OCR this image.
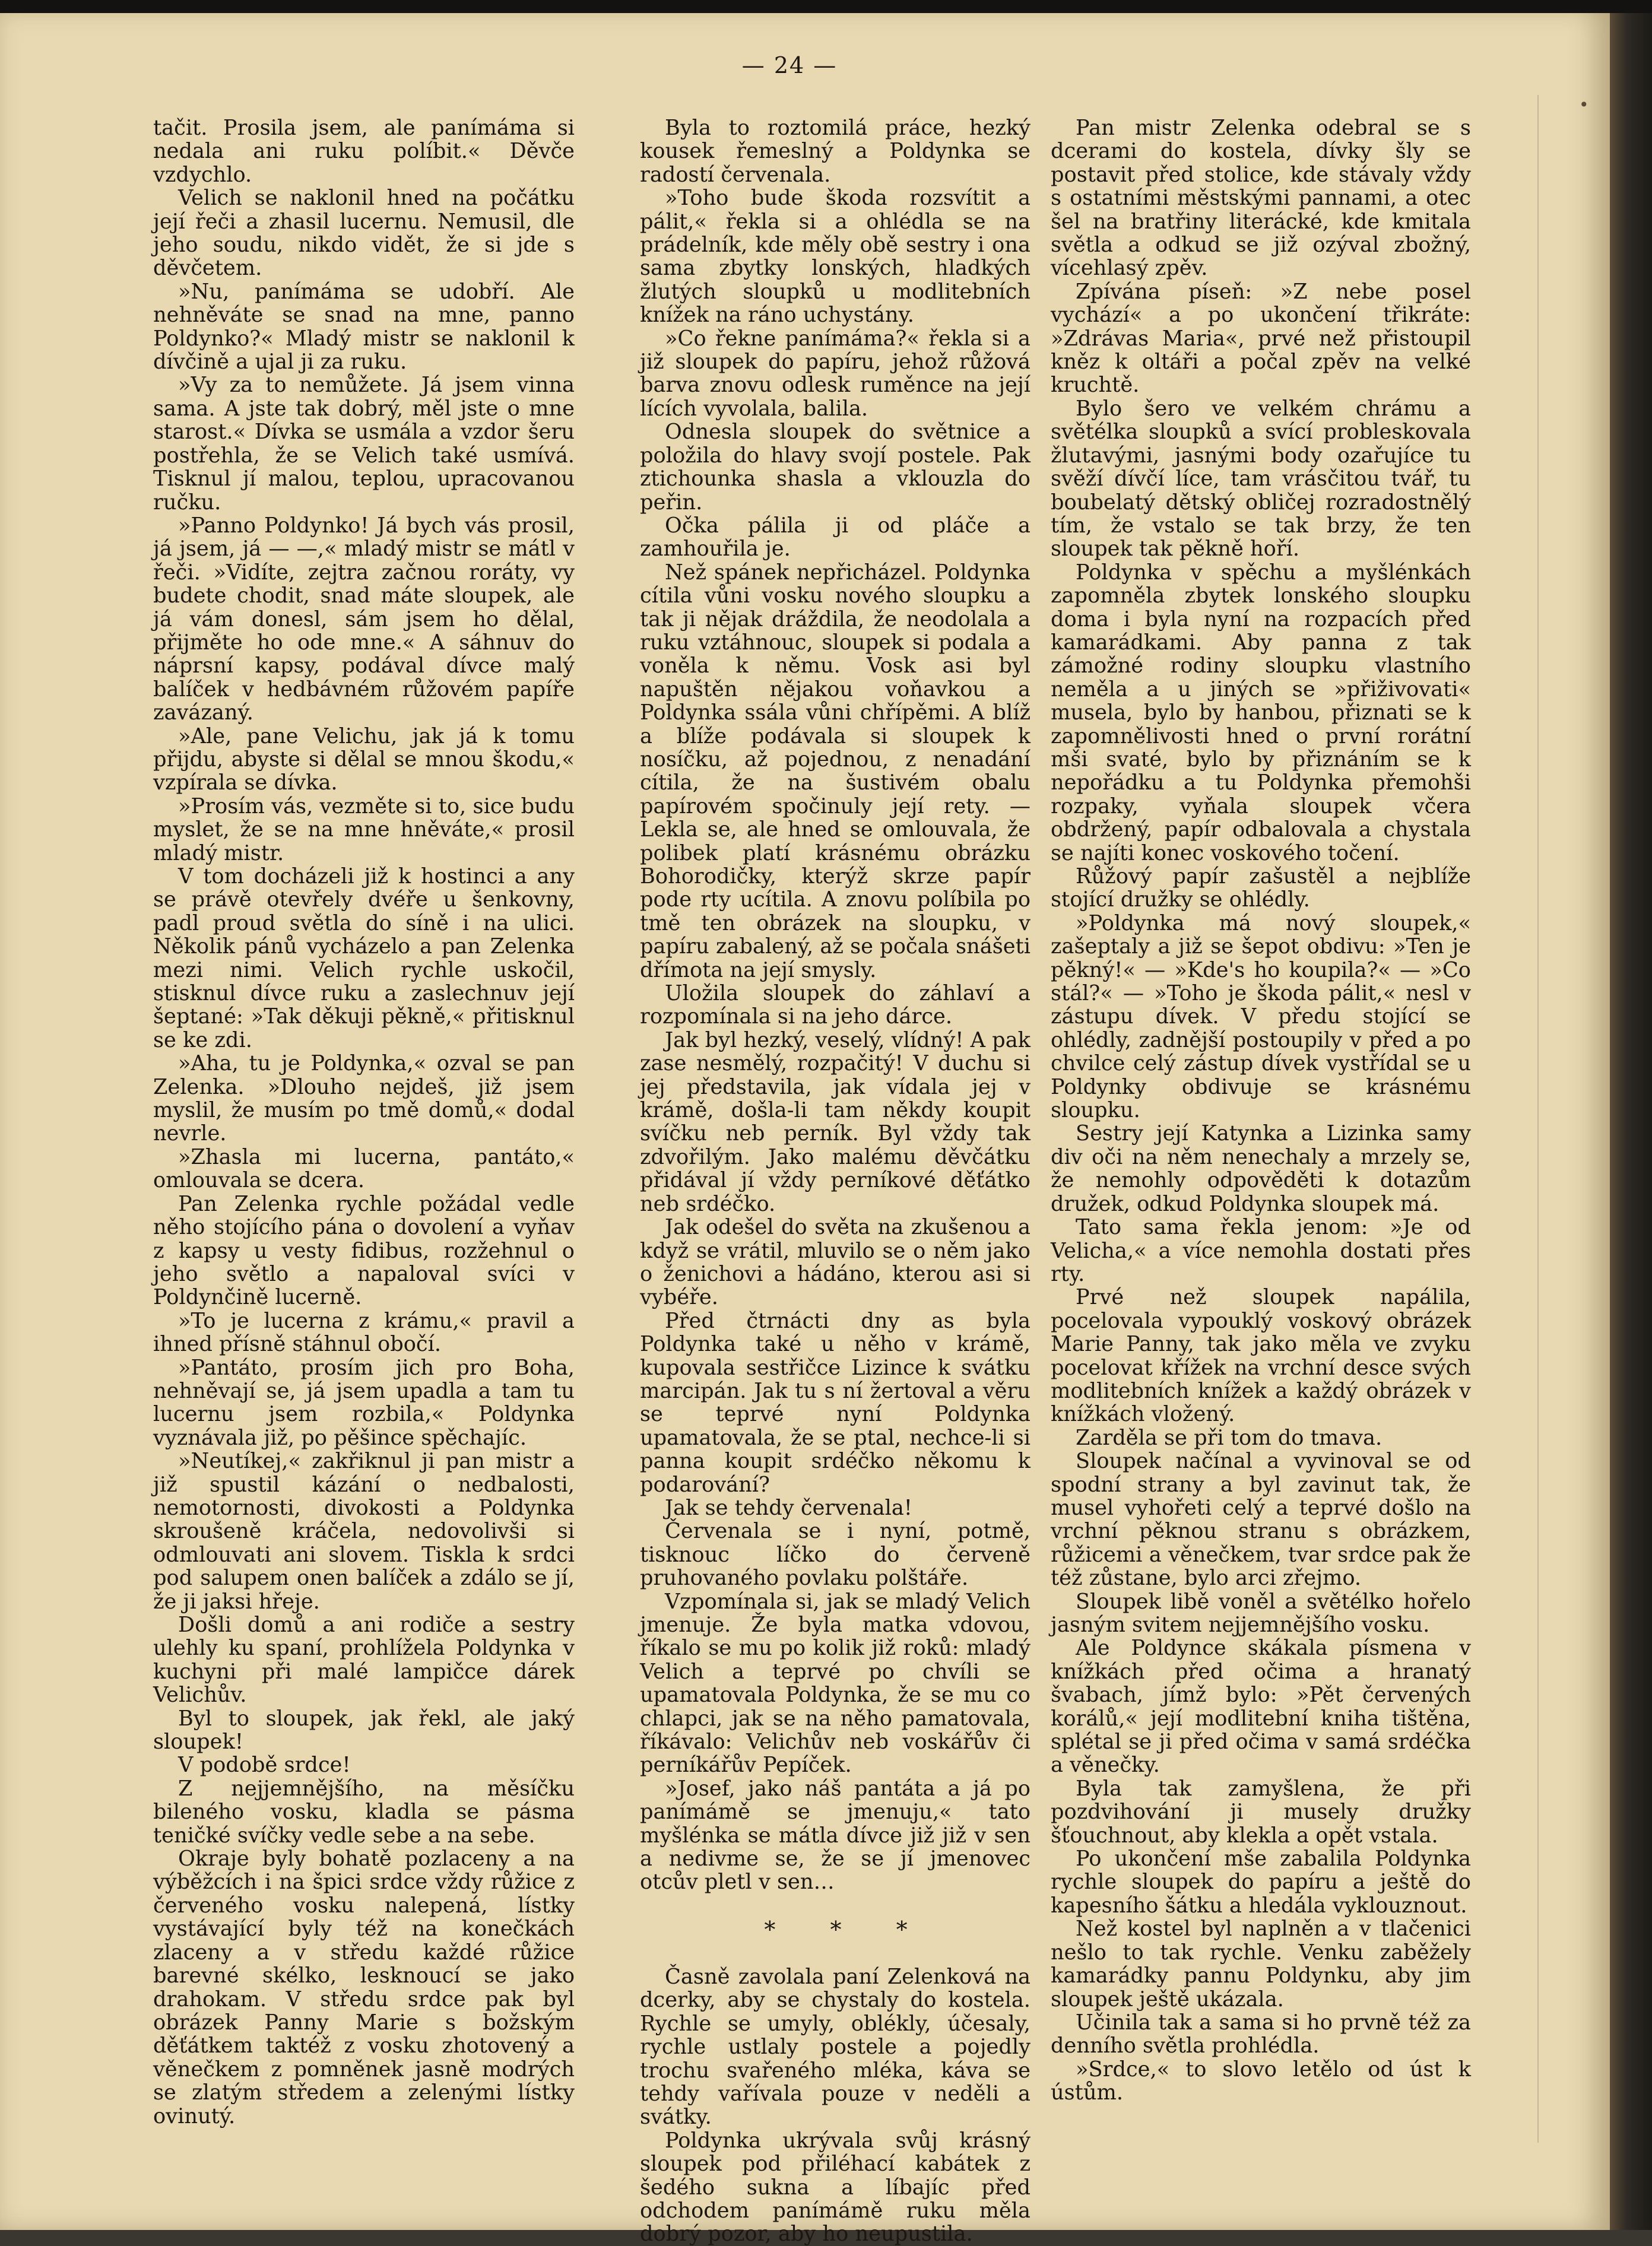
•
— 24 —

tačit. Prosila jsem, ale panímáma si nedala ani ruku políbit.« Děvče vzdychlo.

Velich se naklonil hned na počátku její řeči a zhasil lucernu. Nemusil, dle jeho soudu, nikdo vidět, že si jde s děvčetem.

»Nu, panímáma se udobří. Ale nehněváte se snad na mne, panno Poldynko?« Mladý mistr se naklonil k dívčině a ujal ji za ruku.

»Vy za to nemůžete. Já jsem vinna sama. A jste tak dobrý, měl jste o mne starost.« Dívka se usmála a vzdor šeru postřehla, že se Velich také usmívá. Tisknul jí malou, teplou, upracovanou ručku.

»Panno Poldynko! Já bych vás prosil, já jsem, já — —,« mladý mistr se mátl v řeči. »Vidíte, zejtra začnou roráty, vy budete chodit, snad máte sloupek, ale já vám donesl, sám jsem ho dělal, přijměte ho ode mne.« A sáhnuv do náprsní kapsy, podával dívce malý balíček v hedbávném růžovém papíře zavázaný.

»Ale, pane Velichu, jak já k tomu přijdu, abyste si dělal se mnou škodu,« vzpírala se dívka.

»Prosím vás, vezměte si to, sice budu myslet, že se na mne hněváte,« prosil mladý mistr.

V tom docházeli již k hostinci a any se právě otevřely dvéře u šenkovny, padl proud světla do síně i na ulici. Několik pánů vycházelo a pan Zelenka mezi nimi. Velich rychle uskočil, stisknul dívce ruku a zaslechnuv její šeptané: »Tak děkuji pěkně,« přitisknul se ke zdi.

»Aha, tu je Poldynka,« ozval se pan Zelenka. »Dlouho nejdeš, již jsem myslil, že musím po tmě domů,« dodal nevrle.

»Zhasla mi lucerna, pantáto,« omlouvala se dcera.

Pan Zelenka rychle požádal vedle něho stojícího pána o dovolení a vyňav z kapsy u vesty fidibus, rozžehnul o jeho světlo a napaloval svíci v Poldynčině lucerně.

»To je lucerna z krámu,« pravil a ihned přísně stáhnul obočí.

»Pantáto, prosím jich pro Boha, nehněvají se, já jsem upadla a tam tu lucernu jsem rozbila,« Poldynka vyznávala již, po pěšince spěchajíc.

»Neutíkej,« zakřiknul ji pan mistr a již spustil kázání o nedbalosti, nemotornosti, divokosti a Poldynka skroušeně kráčela, nedovolivši si odmlouvati ani slovem. Tiskla k srdci pod salupem onen balíček a zdálo se jí, že ji jaksi hřeje.

Došli domů a ani rodiče a sestry ulehly ku spaní, prohlížela Poldynka v kuchyni při malé lampičce dárek Velichův.

Byl to sloupek, jak řekl, ale jaký sloupek!

V podobě srdce!

Z nejjemnějšího, na měsíčku bileného vosku, kladla se pásma teničké svíčky vedle sebe a na sebe.

Okraje byly bohatě pozlaceny a na výběžcích i na špici srdce vždy růžice z červeného vosku nalepená, lístky vystávající byly též na konečkách zlaceny a v středu každé růžice barevné skélko, lesknoucí se jako drahokam. V středu srdce pak byl obrázek Panny Marie s božským děťátkem taktéž z vosku zhotovený a věnečkem z pomněnek jasně modrých se zlatým středem a zelenými lístky ovinutý.

Byla to roztomilá práce, hezký kousek řemeslný a Poldynka se radostí červenala.

»Toho bude škoda rozsvítit a pálit,« řekla si a ohlédla se na prádelník, kde měly obě sestry i ona sama zbytky lonských, hladkých žlutých sloupků u modlitebních knížek na ráno uchystány.

»Co řekne panímáma?« řekla si a již sloupek do papíru, jehož růžová barva znovu odlesk ruměnce na její lících vyvolala, balila.

Odnesla sloupek do světnice a položila do hlavy svojí postele. Pak ztichounka shasla a vklouzla do peřin.

Očka pálila ji od pláče a zamhouřila je.

Než spánek nepřicházel. Poldynka cítila vůni vosku nového sloupku a tak ji nějak dráždila, že neodolala a ruku vztáhnouc, sloupek si podala a voněla k němu. Vosk asi byl napuštěn nějakou voňavkou a Poldynka ssála vůni chřípěmi. A blíž a blíže podávala si sloupek k nosíčku, až pojednou, z nenadání cítila, že na šustivém obalu papírovém spočinuly její rety. — Lekla se, ale hned se omlouvala, že polibek platí krásnému obrázku Bohorodičky, kterýž skrze papír pode rty ucítila. A znovu políbila po tmě ten obrázek na sloupku, v papíru zabalený, až se počala snášeti dřímota na její smysly.

Uložila sloupek do záhlaví a rozpomínala si na jeho dárce.

Jak byl hezký, veselý, vlídný! A pak zase nesmělý, rozpačitý! V duchu si jej představila, jak vídala jej v krámě, došla-li tam někdy koupit svíčku neb perník. Byl vždy tak zdvořilým. Jako malému děvčátku přidával jí vždy perníkové děťátko neb srdéčko.

Jak odešel do světa na zkušenou a když se vrátil, mluvilo se o něm jako o ženichovi a hádáno, kterou asi si vybéře.

Před čtrnácti dny as byla Poldynka také u něho v krámě, kupovala sestřičce Lizince k svátku marcipán. Jak tu s ní žertoval a věru se teprvé nyní Poldynka upamatovala, že se ptal, nechce-li si panna koupit srdéčko někomu k podarování?

Jak se tehdy červenala!

Červenala se i nyní, potmě, tisknouc líčko do červeně pruhovaného povlaku polštáře.

Vzpomínala si, jak se mladý Velich jmenuje. Že byla matka vdovou, říkalo se mu po kolik již roků: mladý Velich a teprvé po chvíli se upamatovala Poldynka, že se mu co chlapci, jak se na něho pamatovala, říkávalo: Velichův neb voskářův či perníkářův Pepíček.

»Josef, jako náš pantáta a já po panímámě se jmenuju,« tato myšlénka se mátla dívce již již v sen a nedivme se, že se jí jmenovec otcův pletl v sen…

* * *

Časně zavolala paní Zelenková na dcerky, aby se chystaly do kostela. Rychle se umyly, oblékly, účesaly, rychle ustlaly postele a pojedly trochu svařeného mléka, káva se tehdy vařívala pouze v neděli a svátky.

Poldynka ukrývala svůj krásný sloupek pod přiléhací kabátek z šedého sukna a líbajíc před odchodem panímámě ruku měla dobrý pozor, aby ho neupustila.

Pan mistr Zelenka odebral se s dcerami do kostela, dívky šly se postavit před stolice, kde stávaly vždy s ostatními městskými pannami, a otec šel na bratřiny literácké, kde kmitala světla a odkud se již ozýval zbožný, vícehlasý zpěv.

Zpívána píseň: »Z nebe posel vychází« a po ukončení třikráte: »Zdrávas Maria«, prvé než přistoupil kněz k oltáři a počal zpěv na velké kruchtě.

Bylo šero ve velkém chrámu a světélka sloupků a svící probleskovala žlutavými, jasnými body ozařujíce tu svěží dívčí líce, tam vrásčitou tvář, tu boubelatý dětský obličej rozradostnělý tím, že vstalo se tak brzy, že ten sloupek tak pěkně hoří.

Poldynka v spěchu a myšlénkách zapomněla zbytek lonského sloupku doma i byla nyní na rozpacích před kamarádkami. Aby panna z tak zámožné rodiny sloupku vlastního neměla a u jiných se »přiživovati« musela, bylo by hanbou, přiznati se k zapomnělivosti hned o první rorátní mši svaté, bylo by přiznáním se k nepořádku a tu Poldynka přemohši rozpaky, vyňala sloupek včera obdržený, papír odbalovala a chystala se najíti konec voskového točení.

Růžový papír zašustěl a nejblíže stojící družky se ohlédly.

»Poldynka má nový sloupek,« zašeptaly a již se šepot obdivu: »Ten je pěkný!« — »Kde's ho koupila?« — »Co stál?« — »Toho je škoda pálit,« nesl v zástupu dívek. V předu stojící se ohlédly, zadnější postoupily v před a po chvilce celý zástup dívek vystřídal se u Poldynky obdivuje se krásnému sloupku.

Sestry její Katynka a Lizinka samy div oči na něm nenechaly a mrzely se, že nemohly odpověděti k dotazům družek, odkud Poldynka sloupek má.

Tato sama řekla jenom: »Je od Velicha,« a více nemohla dostati přes rty.

Prvé než sloupek napálila, pocelovala vypouklý voskový obrázek Marie Panny, tak jako měla ve zvyku pocelovat křížek na vrchní desce svých modlitebních knížek a každý obrázek v knížkách vložený.

Zarděla se při tom do tmava.

Sloupek načínal a vyvinoval se od spodní strany a byl zavinut tak, že musel vyhořeti celý a teprvé došlo na vrchní pěknou stranu s obrázkem, růžicemi a věnečkem, tvar srdce pak že též zůstane, bylo arci zřejmo.

Sloupek libě voněl a světélko hořelo jasným svitem nejjemnějšího vosku.

Ale Poldynce skákala písmena v knížkách před očima a hranatý švabach, jímž bylo: »Pět červených korálů,« její modlitební kniha tištěna, splétal se ji před očima v samá srdéčka a věnečky.

Byla tak zamyšlena, že při pozdvihování ji musely družky šťouchnout, aby klekla a opět vstala.

Po ukončení mše zabalila Poldynka rychle sloupek do papíru a ještě do kapesního šátku a hledála vyklouznout.

Než kostel byl naplněn a v tlačenici nešlo to tak rychle. Venku zaběžely kamarádky pannu Poldynku, aby jim sloupek ještě ukázala.

Učinila tak a sama si ho prvně též za denního světla prohlédla.

»Srdce,« to slovo letělo od úst k ústům.
